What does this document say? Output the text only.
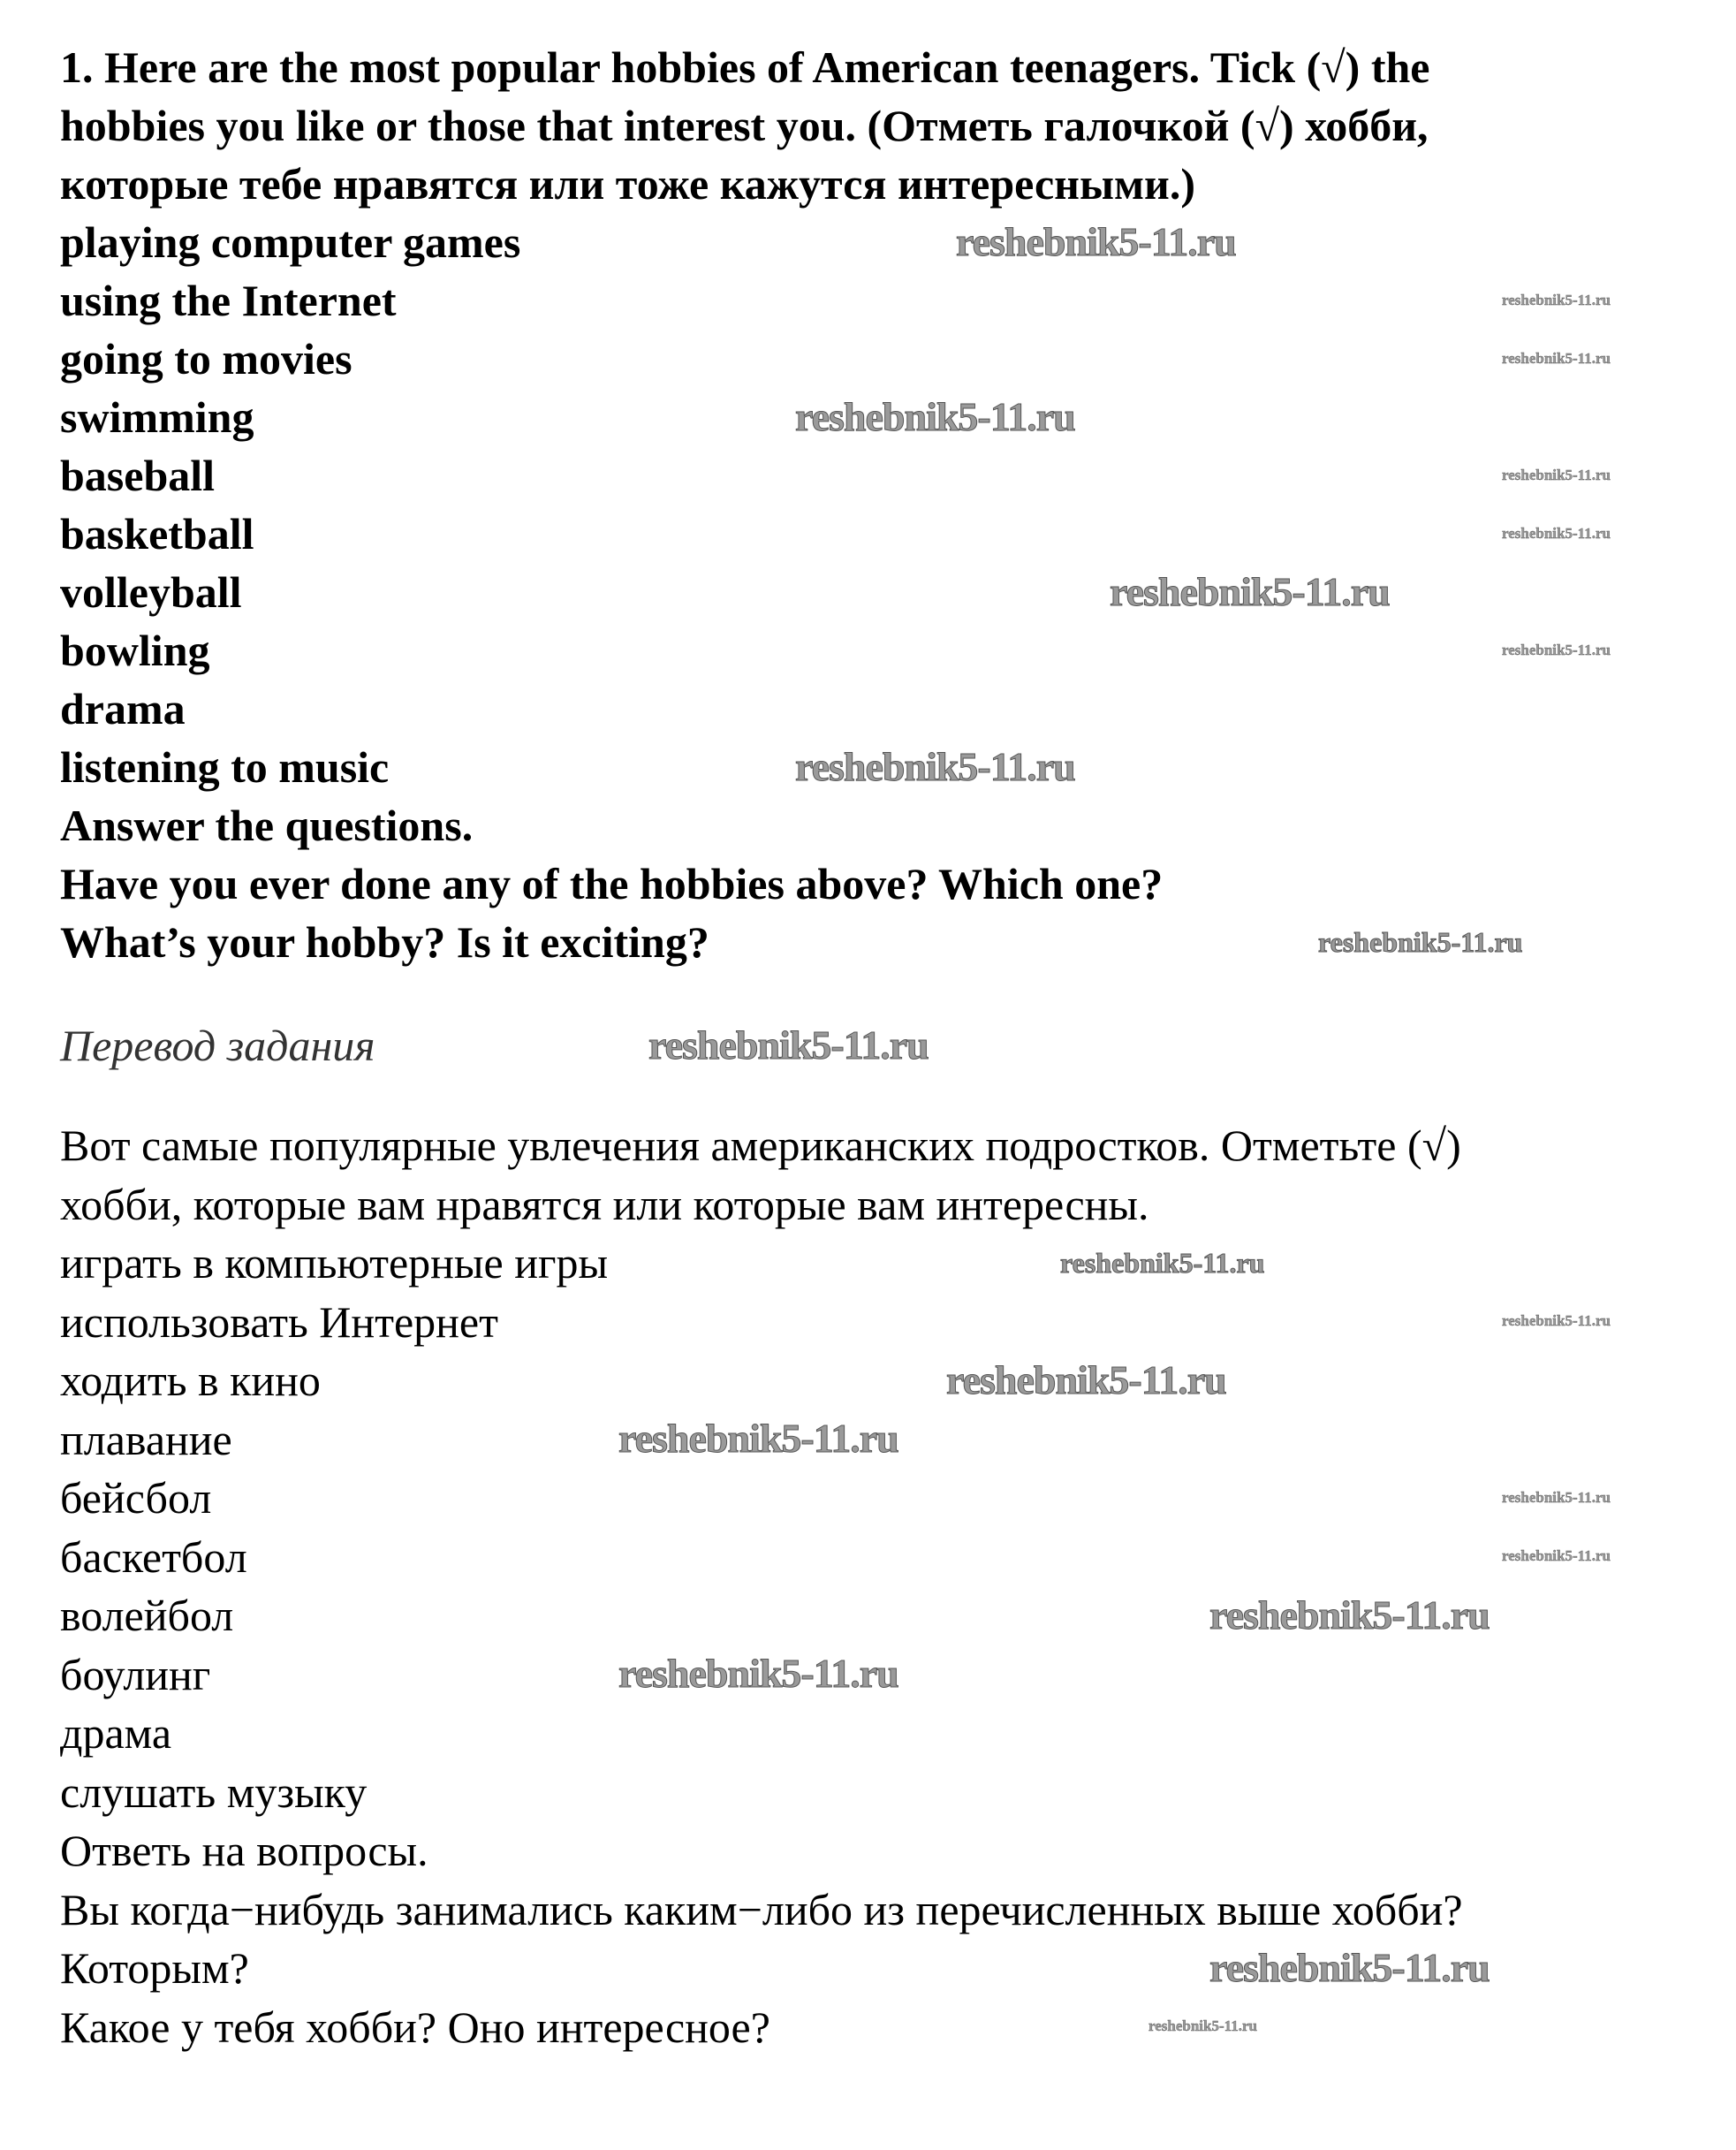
1. Here are the most popular hobbies of American teenagers. Tick (√) the
hobbies you like or those that interest you. (Отметь галочкой (√) хобби,
которые тебе нравятся или тоже кажутся интересными.)
playing computer games
using the Internet
going to movies
swimming
baseball
basketball
volleyball
bowling
drama
listening to music
Answer the questions.
Have you ever done any of the hobbies above? Which one?
What’s your hobby? Is it exciting?
Перевод задания
Вот самые популярные увлечения американских подростков. Отметьте (√)
хобби, которые вам нравятся или которые вам интересны.
играть в компьютерные игры
использовать Интернет
ходить в кино
плавание
бейсбол
баскетбол
волейбол
боулинг
драма
слушать музыку
Ответь на вопросы.
Вы когда−нибудь занимались каким−либо из перечисленных выше хобби?
Которым?
Какое у тебя хобби? Оно интересное?
reshebnik5-11.ru
reshebnik5-11.ru
reshebnik5-11.ru
reshebnik5-11.ru
reshebnik5-11.ru
reshebnik5-11.ru
reshebnik5-11.ru
reshebnik5-11.ru
reshebnik5-11.ru
reshebnik5-11.ru
reshebnik5-11.ru
reshebnik5-11.ru
reshebnik5-11.ru
reshebnik5-11.ru
reshebnik5-11.ru
reshebnik5-11.ru
reshebnik5-11.ru
reshebnik5-11.ru
reshebnik5-11.ru
reshebnik5-11.ru
reshebnik5-11.ru
